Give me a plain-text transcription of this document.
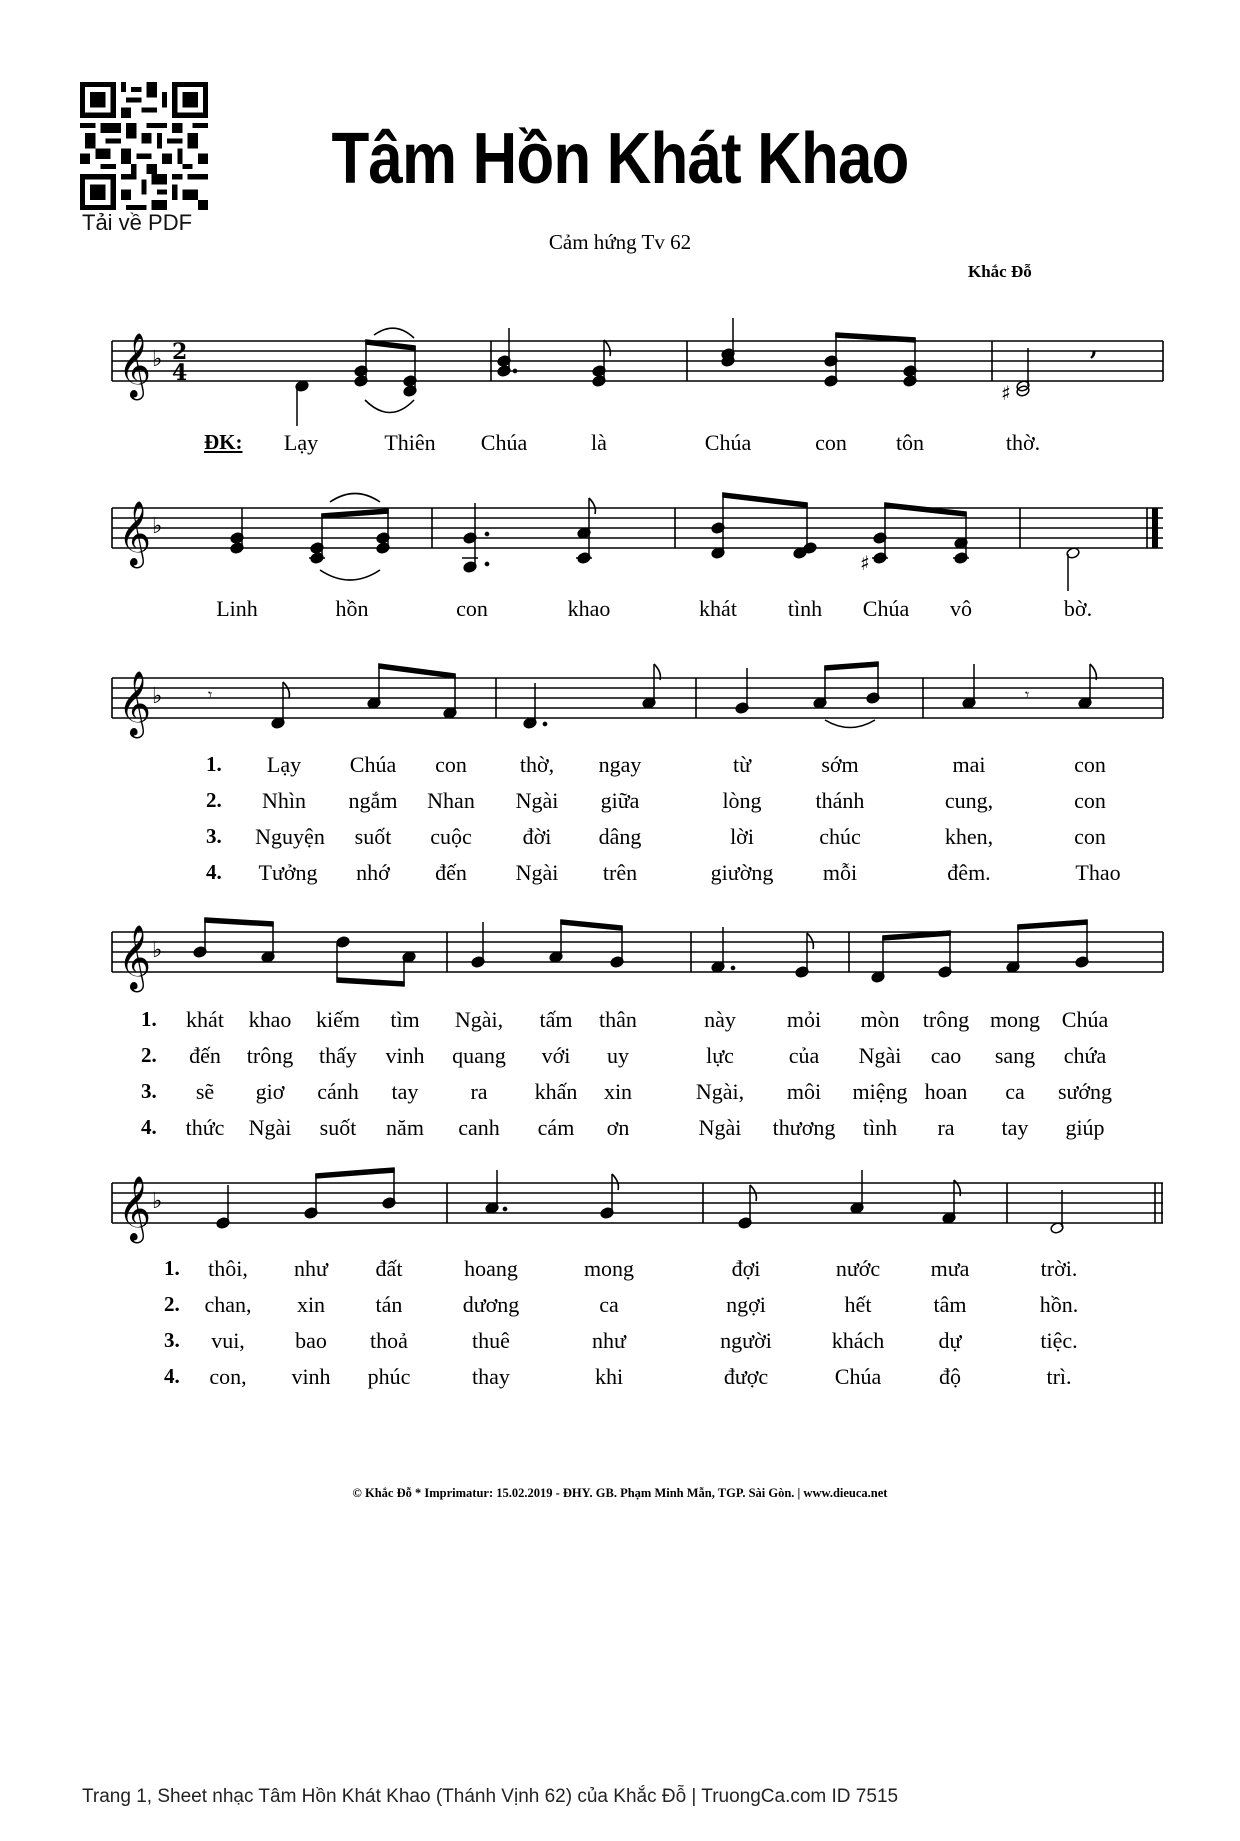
Tải về PDF
Tâm Hồn Khát Khao
Cảm hứng Tv 62
Khắc Đỗ
𝄞 ♭ 2
4
♯
,
ĐK: Lạy	Thiên Chúa	là	Chúa	con tôn	thờ.
𝄞 ♭
♯
Linh	hồn	con	khao	khát tình Chúa vô	bờ.
𝄞 ♭	𝄾	𝄾
1.
2.
3.
4.
Lạy Chúa con thờ, ngay	từ	sớm	mai	con
Nhìn ngắm Nhan Ngài giữa	lòng thánh	cung,	con
Nguyện suốt cuộc đời dâng	lời	chúc	khen,	con
Tưởng nhớ đến Ngài trên	giường mỗi	đêm.	Thao
𝄞 ♭
1.
2.
3.
4.
khát khao kiếm tìm Ngài, tấm thân	này mỏi mòn trông mong Chúa
đến trông thấy vinh quang với uy	lực của Ngài cao sang chứa
sẽ giơ cánh tay ra khấn xin	Ngài, môi miệng hoan ca sướng
thức Ngài suốt năm canh cám ơn	Ngài thương tình ra tay giúp
𝄞 ♭
1.
2.
3.
4.
thôi, như đất	hoang	mong	đợi	nước mưa	trời.
chan, xin tán	dương	ca	ngợi	hết	tâm	hồn.
vui, bao thoả	thuê	như	người	khách dự	tiệc.
con, vinh phúc	thay	khi	được	Chúa	độ	trì.
© Khắc Đỗ * Imprimatur: 15.02.2019 - ĐHY. GB. Phạm Minh Mẫn, TGP. Sài Gòn. | www.dieuca.net
Trang 1, Sheet nhạc Tâm Hồn Khát Khao (Thánh Vịnh 62) của Khắc Đỗ | TruongCa.com ID 7515
